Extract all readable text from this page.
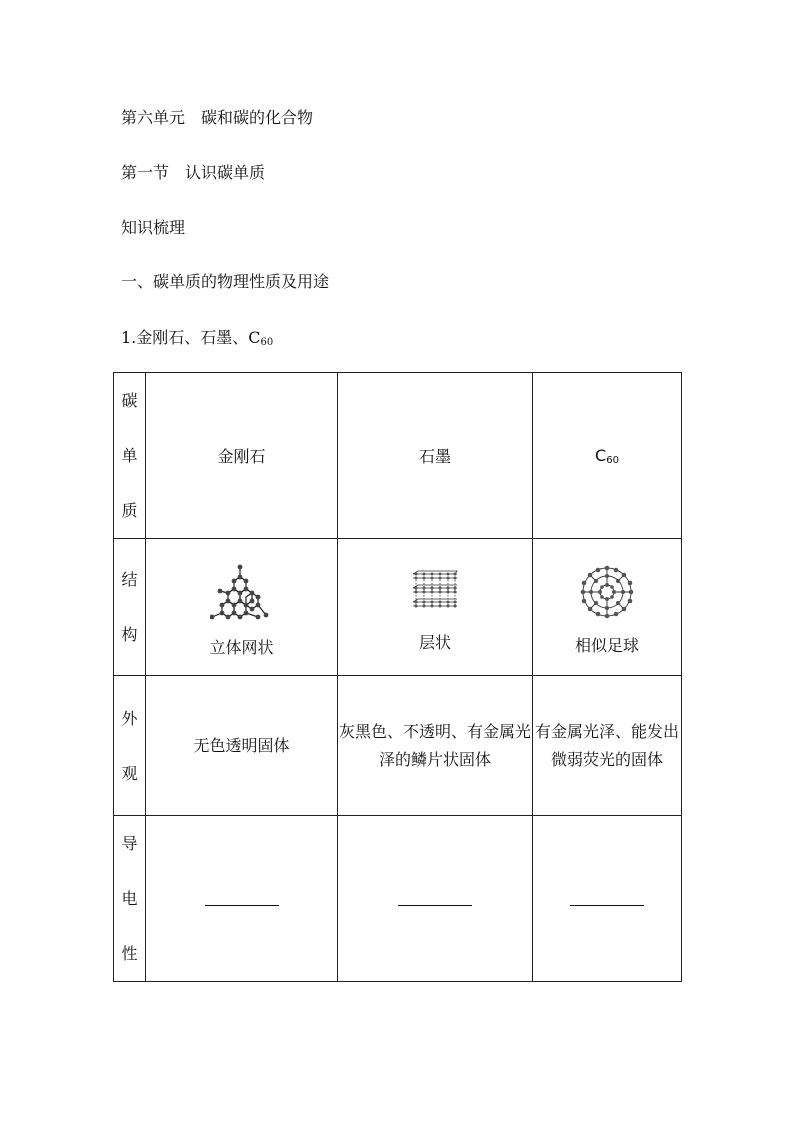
第六单元　碳和碳的化合物
第一节　认识碳单质
知识梳理
一、碳单质的物理性质及用途
1.金刚石、石墨、$C_{60}$
碳
单
质	金刚石	石墨	$C_{60}$

结
构	立体网状	层状	相似足球

外
观	无色透明固体	灰黑色、不透明、有金属光泽的鳞片状固体	有金属光泽、能发出微弱荧光的固体

导
电
性			
